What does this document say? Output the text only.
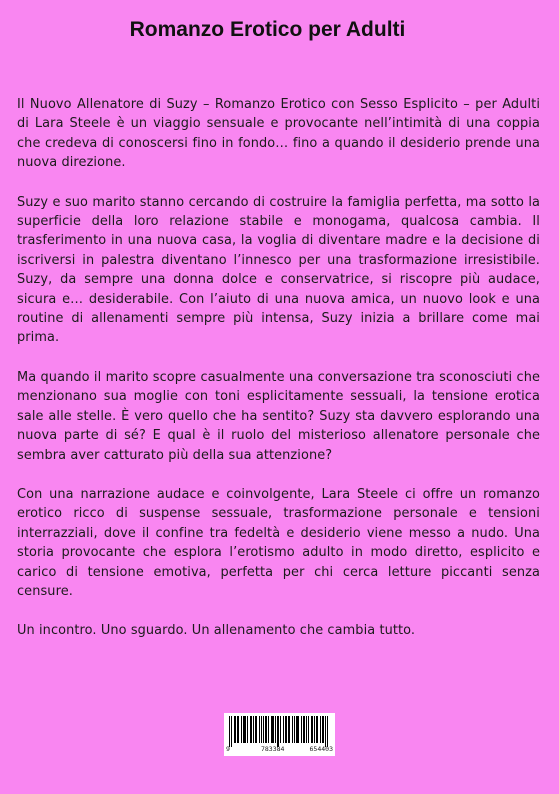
Romanzo Erotico per Adulti

Il Nuovo Allenatore di Suzy – Romanzo Erotico con Sesso Esplicito – per Adulti di Lara Steele è un viaggio sensuale e provocante nell’intimità di una coppia che credeva di conoscersi fino in fondo… fino a quando il desiderio prende una nuova direzione.

Suzy e suo marito stanno cercando di costruire la famiglia perfetta, ma sotto la superficie della loro relazione stabile e monogama, qualcosa cambia. Il trasferimento in una nuova casa, la voglia di diventare madre e la decisione di iscriversi in palestra diventano l’innesco per una trasformazione irresistibile. Suzy, da sempre una donna dolce e conservatrice, si riscopre più audace, sicura e… desiderabile. Con l’aiuto di una nuova amica, un nuovo look e una routine di allenamenti sempre più intensa, Suzy inizia a brillare come mai prima.

Ma quando il marito scopre casualmente una conversazione tra sconosciuti che menzionano sua moglie con toni esplicitamente sessuali, la tensione erotica sale alle stelle. È vero quello che ha sentito? Suzy sta davvero esplorando una nuova parte di sé? E qual è il ruolo del misterioso allenatore personale che sembra aver catturato più della sua attenzione?

Con una narrazione audace e coinvolgente, Lara Steele ci offre un romanzo erotico ricco di suspense sessuale, trasformazione personale e tensioni interrazziali, dove il confine tra fedeltà e desiderio viene messo a nudo. Una storia provocante che esplora l’erotismo adulto in modo diretto, esplicito e carico di tensione emotiva, perfetta per chi cerca letture piccanti senza censure.

Un incontro. Uno sguardo. Un allenamento che cambia tutto.

9	783384	654403
